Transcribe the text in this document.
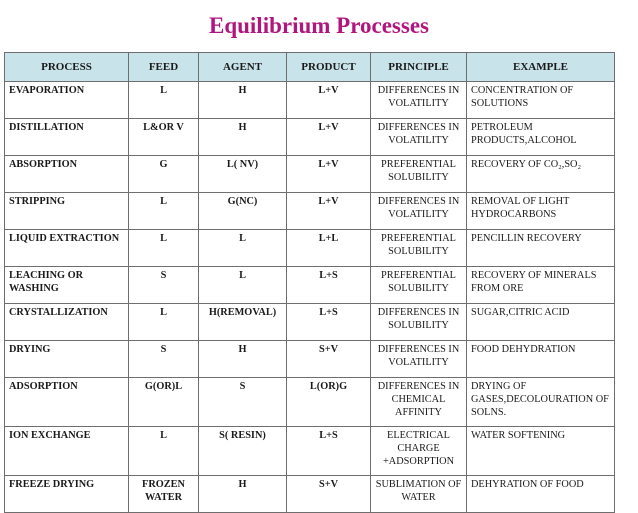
Equilibrium Processes
PROCESS	FEED	AGENT	PRODUCT	PRINCIPLE	EXAMPLE
EVAPORATION	L	H	L+V	DIFFERENCES IN VOLATILITY	CONCENTRATION OF SOLUTIONS
DISTILLATION	L&OR V	H	L+V	DIFFERENCES IN VOLATILITY	PETROLEUM PRODUCTS,ALCOHOL
ABSORPTION	G	L( NV)	L+V	PREFERENTIAL SOLUBILITY	RECOVERY OF CO₂,SO₂
STRIPPING	L	G(NC)	L+V	DIFFERENCES IN VOLATILITY	REMOVAL OF LIGHT HYDROCARBONS
LIQUID EXTRACTION	L	L	L+L	PREFERENTIAL SOLUBILITY	PENCILLIN RECOVERY
LEACHING OR WASHING	S	L	L+S	PREFERENTIAL SOLUBILITY	RECOVERY OF MINERALS FROM ORE
CRYSTALLIZATION	L	H(REMOVAL)	L+S	DIFFERENCES IN SOLUBILITY	SUGAR,CITRIC ACID
DRYING	S	H	S+V	DIFFERENCES IN VOLATILITY	FOOD DEHYDRATION
ADSORPTION	G(OR)L	S	L(OR)G	DIFFERENCES IN CHEMICAL AFFINITY	DRYING OF GASES,DECOLOURATION OF SOLNS.
ION EXCHANGE	L	S( RESIN)	L+S	ELECTRICAL CHARGE +ADSORPTION	WATER SOFTENING
FREEZE DRYING	FROZEN WATER	H	S+V	SUBLIMATION OF WATER	DEHYRATION OF FOOD
